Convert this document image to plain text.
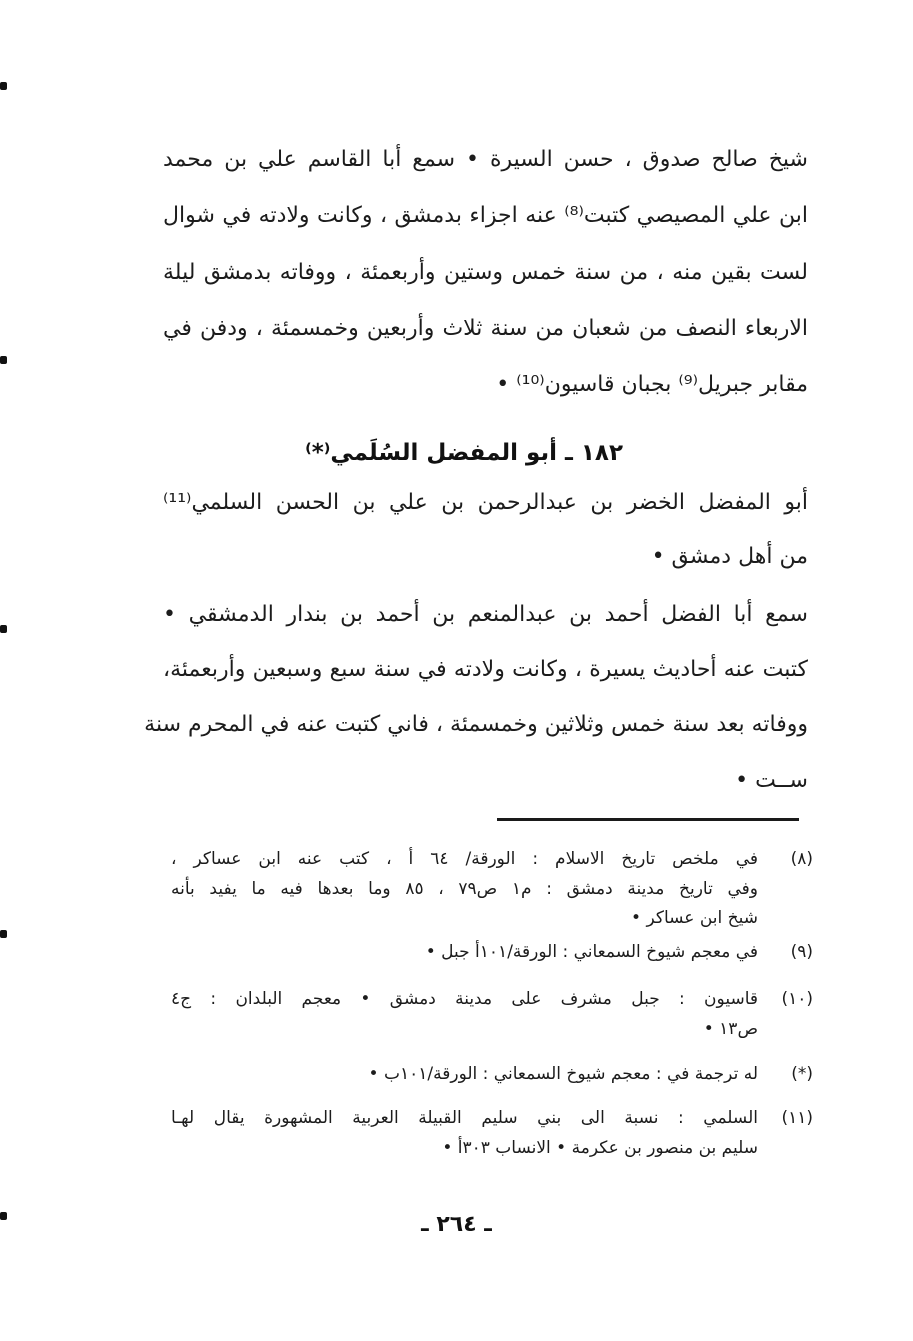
شيخ صالح صدوق ، حسن السيرة • سمع أبا القاسم علي بن محمد
ابن علي المصيصي كتبت⁽⁸⁾ عنه اجزاء بدمشق ، وكانت ولادته في شوال
لست بقين منه ، من سنة خمس وستين وأربعمئة ، ووفاته بدمشق ليلة
الاربعاء النصف من شعبان من سنة ثلاث وأربعين وخمسمئة ، ودفن في
مقابر جبريل⁽⁹⁾ بجبان قاسيون⁽¹⁰⁾ •
١٨٢ ـ أبو المفضل السُلَمي⁽*⁾
أبو المفضل الخضر بن عبدالرحمن بن علي بن الحسن السلمي⁽¹¹⁾
من أهل دمشق •
سمع أبا الفضل أحمد بن عبدالمنعم بن أحمد بن بندار الدمشقي •
كتبت عنه أحاديث يسيرة ، وكانت ولادته في سنة سبع وسبعين وأربعمئة،
ووفاته بعد سنة خمس وثلاثين وخمسمئة ، فاني كتبت عنه في المحرم سنة
ســت •
(٨)
في ملخص تاريخ الاسلام : الورقة/ ٦٤ أ ، كتب عنه ابن عساكر ،
وفي تاريخ مدينة دمشق : م١ ص٧٩ ، ٨٥ وما بعدها فيه ما يفيد بأنه
شيخ ابن عساكر •
(٩)
في معجم شيوخ السمعاني : الورقة/١٠١أ جبل •
(١٠)
قاسيون : جبل مشرف على مدينة دمشق • معجم البلدان : ج٤
ص١٣ •
(*)
له ترجمة في : معجم شيوخ السمعاني : الورقة/١٠١ب •
(١١)
السلمي : نسبة الى بني سليم القبيلة العربية المشهورة يقال لهـا
سليم بن منصور بن عكرمة • الانساب ٣٠٣أ •
ـ ٢٦٤ ـ
